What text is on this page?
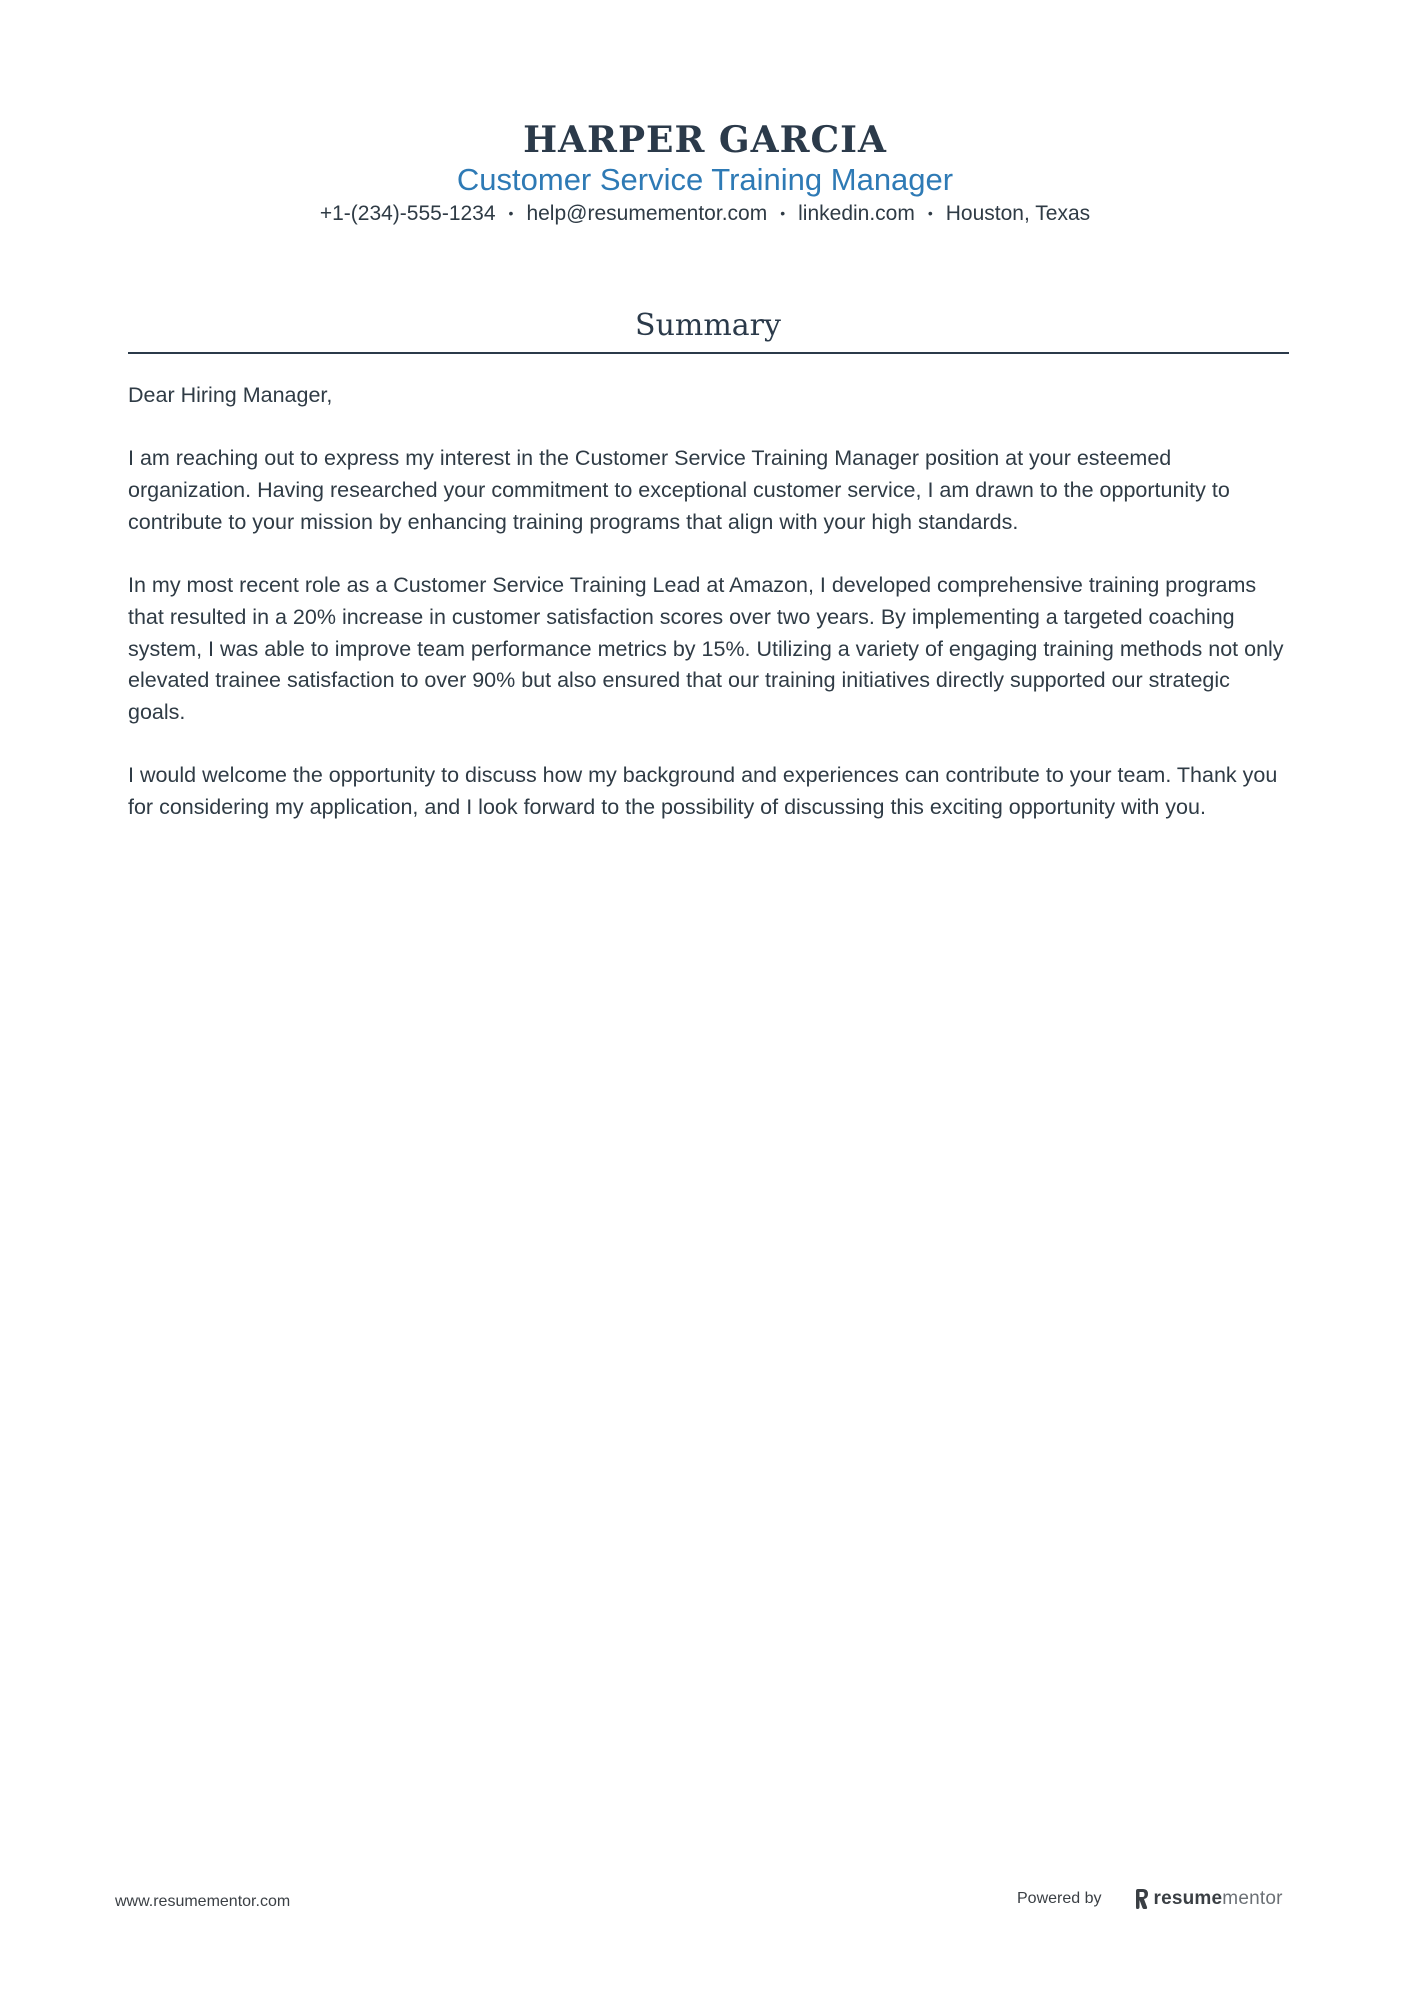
HARPER GARCIA
Customer Service Training Manager
+1-(234)-555-1234 • help@resumementor.com • linkedin.com • Houston, Texas
Summary

Dear Hiring Manager,

I am reaching out to express my interest in the Customer Service Training Manager position at your esteemed organization. Having researched your commitment to exceptional customer service, I am drawn to the opportunity to contribute to your mission by enhancing training programs that align with your high standards.

In my most recent role as a Customer Service Training Lead at Amazon, I developed comprehensive training programs that resulted in a 20% increase in customer satisfaction scores over two years. By implementing a targeted coaching system, I was able to improve team performance metrics by 15%. Utilizing a variety of engaging training methods not only elevated trainee satisfaction to over 90% but also ensured that our training initiatives directly supported our strategic goals.

I would welcome the opportunity to discuss how my background and experiences can contribute to your team. Thank you for considering my application, and I look forward to the possibility of discussing this exciting opportunity with you.

www.resumementor.com	Powered by	resumementor
